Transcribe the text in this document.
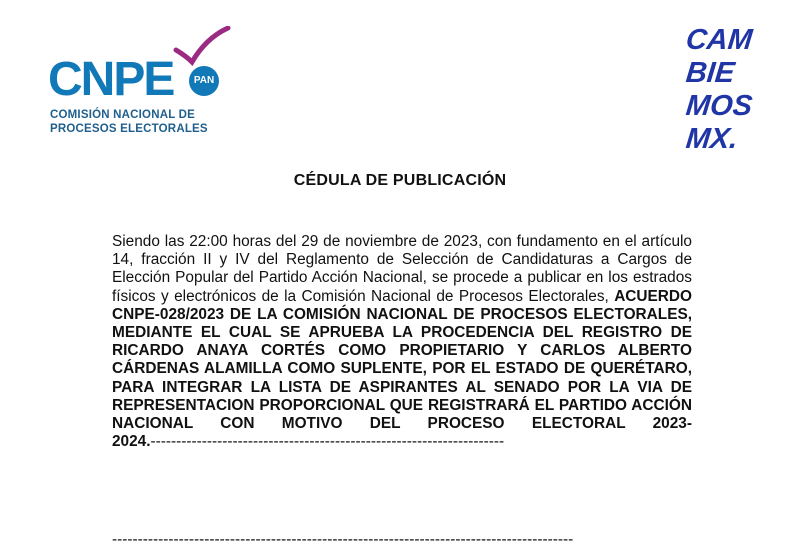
CNPE	PAN
COMISIÓN NACIONAL DE
PROCESOS ELECTORALES
CAM
BIE
MOS
MX.
CÉDULA DE PUBLICACIÓN

Siendo las 22:00 horas del 29 de noviembre de 2023, con fundamento en el artículo 14, fracción II y IV del Reglamento de Selección de Candidaturas a Cargos de Elección Popular del Partido Acción Nacional, se procede a publicar en los estrados físicos y electrónicos de la Comisión Nacional de Procesos Electorales, ACUERDO CNPE-028/2023 DE LA COMISIÓN NACIONAL DE PROCESOS ELECTORALES, MEDIANTE EL CUAL SE APRUEBA LA PROCEDENCIA DEL REGISTRO DE RICARDO ANAYA CORTÉS COMO PROPIETARIO Y CARLOS ALBERTO CÁRDENAS ALAMILLA COMO SUPLENTE, POR EL ESTADO DE QUERÉTARO, PARA INTEGRAR LA LISTA DE ASPIRANTES AL SENADO POR LA VIA DE REPRESENTACION PROPORCIONAL QUE REGISTRARÁ EL PARTIDO ACCIÓN NACIONAL CON MOTIVO DEL PROCESO ELECTORAL 2023-2024.---------------------------------------------------------------------

------------------------------------------------------------------------------------------
